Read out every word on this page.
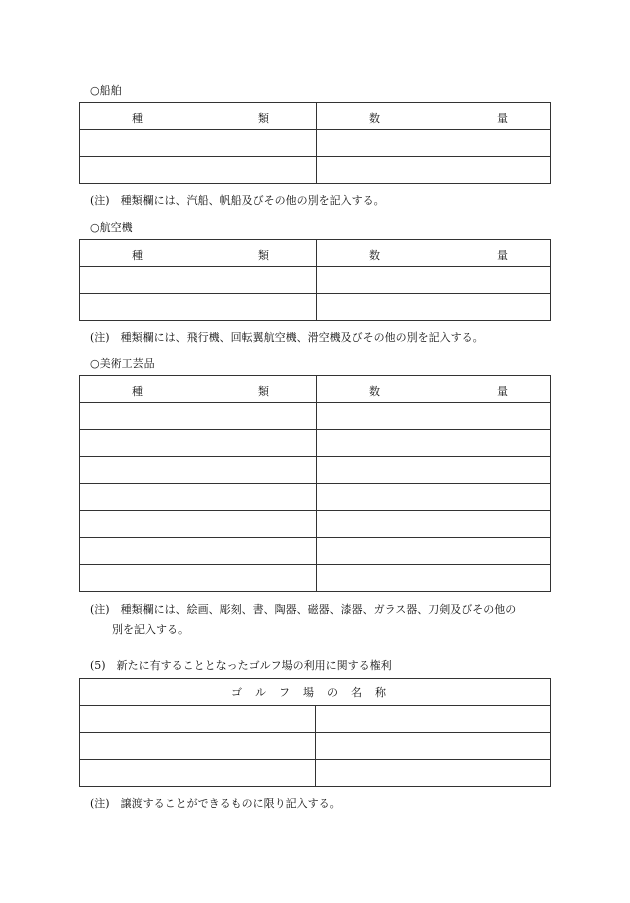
○船舶
種 類	数 量

(注)　種類欄には、汽船、帆船及びその他の別を記入する。
○航空機
種 類	数 量

(注)　種類欄には、飛行機、回転翼航空機、滑空機及びその他の別を記入する。
○美術工芸品
種 類	数 量

(注)　種類欄には、絵画、彫刻、書、陶器、磁器、漆器、ガラス器、刀剣及びその他の
別を記入する。
(5)　新たに有することとなったゴルフ場の利用に関する権利
ゴルフ場の名称	

(注)　譲渡することができるものに限り記入する。
